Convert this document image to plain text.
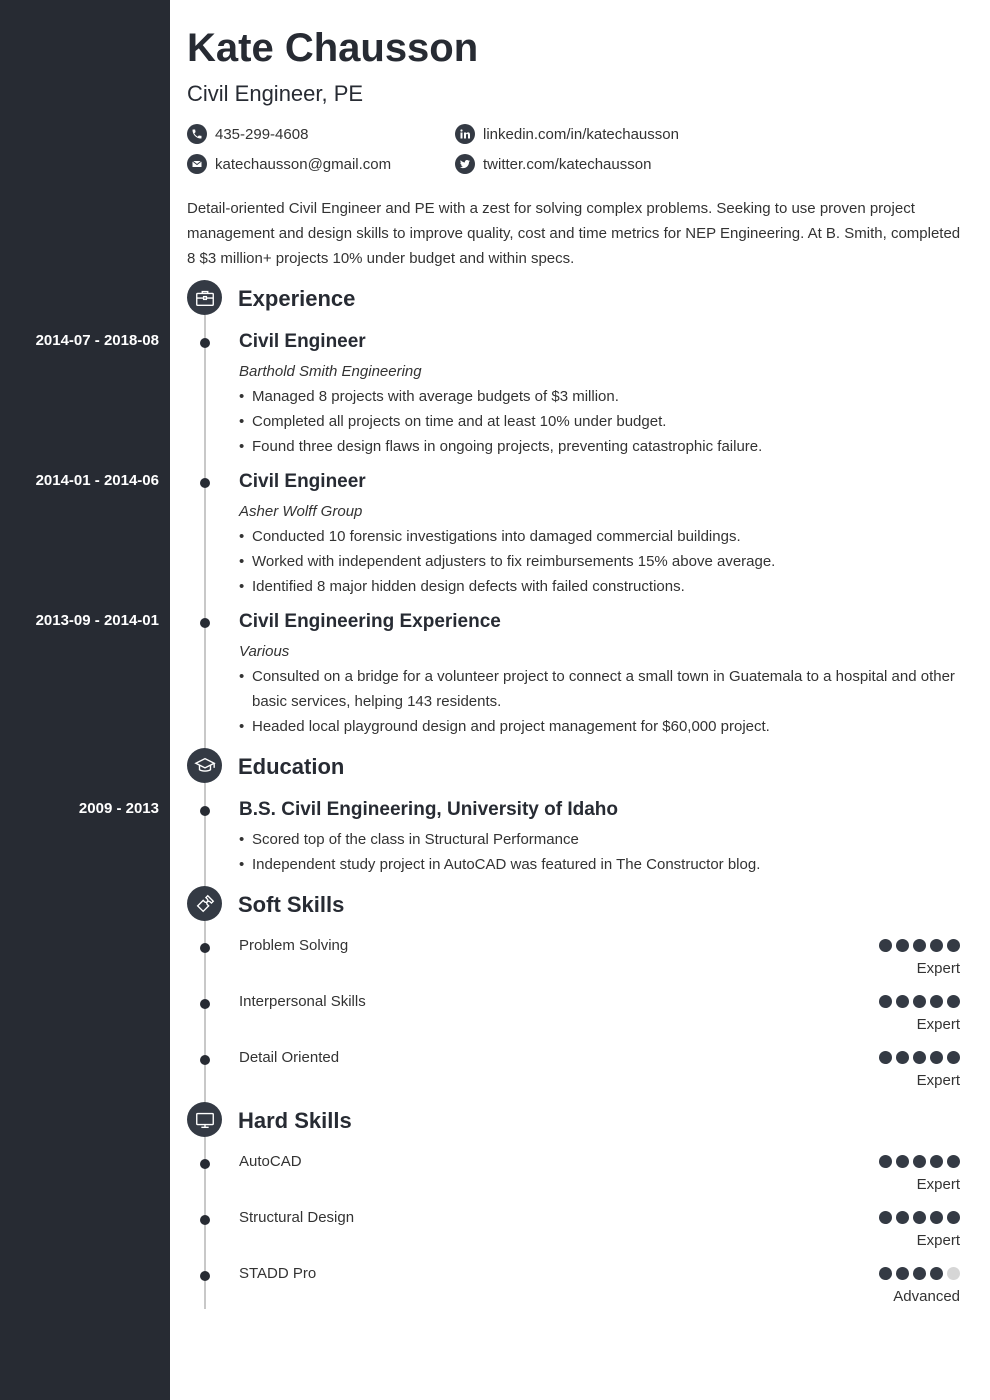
Kate Chausson
Civil Engineer, PE
435-299-4608
katechausson@gmail.com
linkedin.com/in/katechausson
twitter.com/katechausson

Detail-oriented Civil Engineer and PE with a zest for solving complex problems. Seeking to use proven project management and design skills to improve quality, cost and time metrics for NEP Engineering. At B. Smith, completed 8 $3 million+ projects 10% under budget and within specs.

Experience
2014-07 - 2018-08	Civil Engineer
Barthold Smith Engineering
• Managed 8 projects with average budgets of $3 million.
• Completed all projects on time and at least 10% under budget.
• Found three design flaws in ongoing projects, preventing catastrophic failure.
2014-01 - 2014-06	Civil Engineer
Asher Wolff Group
• Conducted 10 forensic investigations into damaged commercial buildings.
• Worked with independent adjusters to fix reimbursements 15% above average.
• Identified 8 major hidden design defects with failed constructions.
2013-09 - 2014-01	Civil Engineering Experience
Various
• Consulted on a bridge for a volunteer project to connect a small town in Guatemala to a hospital and other basic services, helping 143 residents.
• Headed local playground design and project management for $60,000 project.
Education
2009 - 2013	B.S. Civil Engineering, University of Idaho
• Scored top of the class in Structural Performance
• Independent study project in AutoCAD was featured in The Constructor blog.
Soft Skills
Problem Solving
Expert
Interpersonal Skills
Expert
Detail Oriented
Expert
Hard Skills
AutoCAD
Expert
Structural Design
Expert
STADD Pro
Advanced
